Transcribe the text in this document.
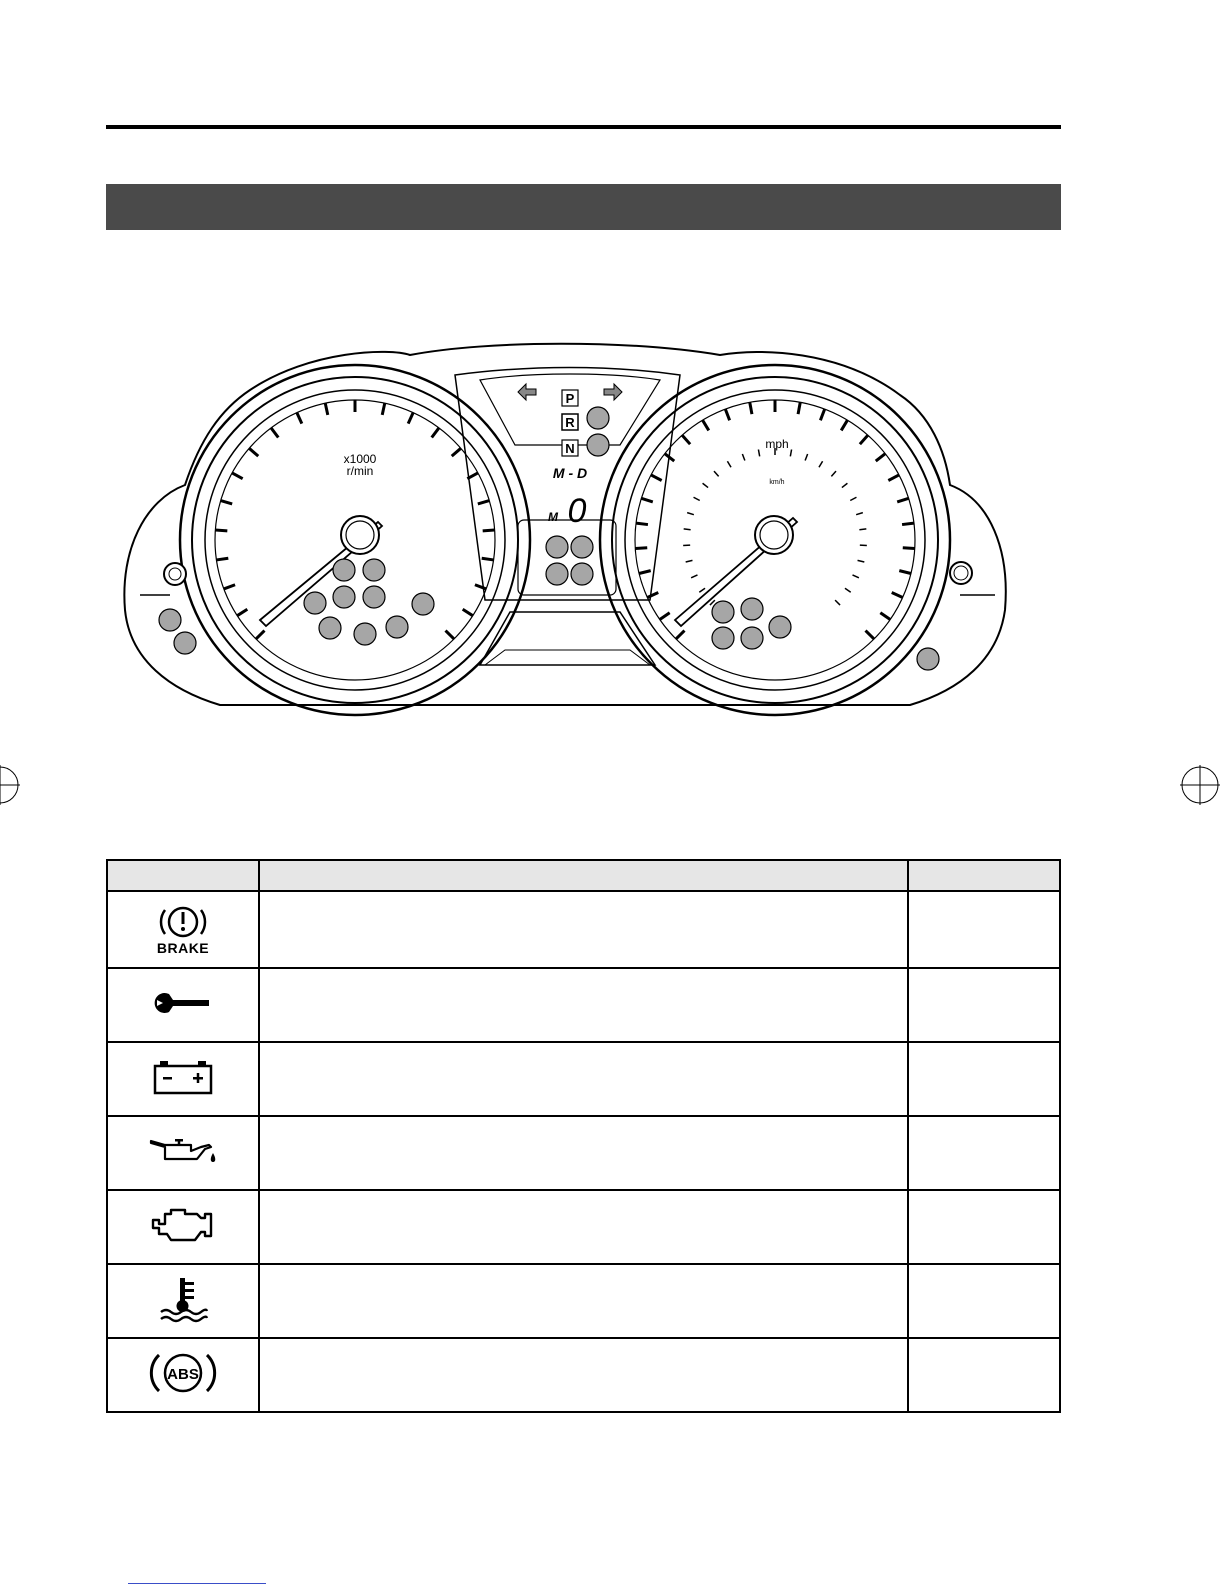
x1000
r/min
mph
km/h
P
R
N
M - D
M 0

BRAKE		

ABS		
